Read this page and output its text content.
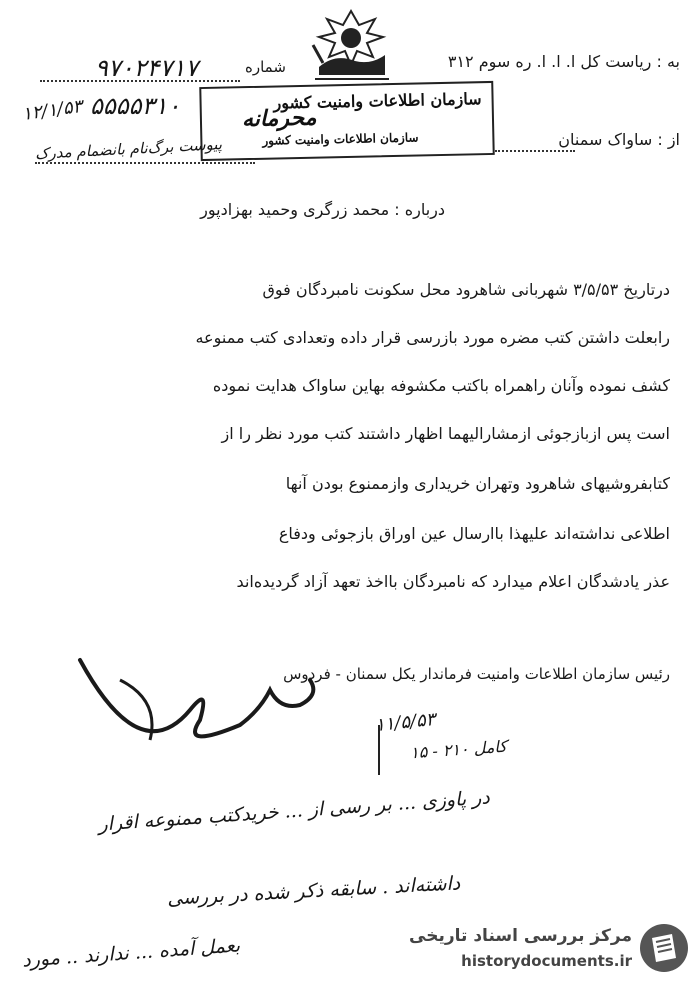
به : ریاست کل ا. ا. ا. ره سوم ۳۱۲
شماره
۹۷۰۲۴۷۱۷
۵۵۵۵۳۱۰
۱۲/۱/۵۳	سازمان اطلاعات وامنیت کشور
محرمانه
سازمان اطلاعات وامنیت کشور	از : ساواک سمنان
پیوست برگ‌نام بانضمام مدرک
درباره : محمد زرگری وحمید بهزادپور
درتاریخ ۳/۵/۵۳ شهربانی شاهرود محل سکونت نامبردگان فوق
رابعلت داشتن کتب مضره مورد بازرسی قرار داده وتعدادی کتب ممنوعه
کشف نموده وآنان راهمراه باکتب مکشوفه بهاین ساواک هدایت نموده
است پس ازبازجوئی ازمشارالیهما اظهار داشتند کتب مورد نظر را از
کتابفروشیهای شاهرود وتهران خریداری وازممنوع بودن آنها
اطلاعی نداشته‌اند علیهذا باارسال عین اوراق بازجوئی ودفاع
عذر یادشدگان اعلام میدارد که نامبردگان بااخذ تعهد آزاد گردیده‌اند
رئیس سازمان اطلاعات وامنیت فرماندار یکل سمنان - فردوس
۱۱/۵/۵۳
۱۵ - ۲۱۰ کامل
در پاوزی ... بر رسی از ... خریدکتب ممنوعه اقرار
داشته‌اند . سابقه ذکر شده در بررسی
بعمل آمده ... ندارند .. مورد	مرکز بررسی اسناد تاریخی
historydocuments.ir
